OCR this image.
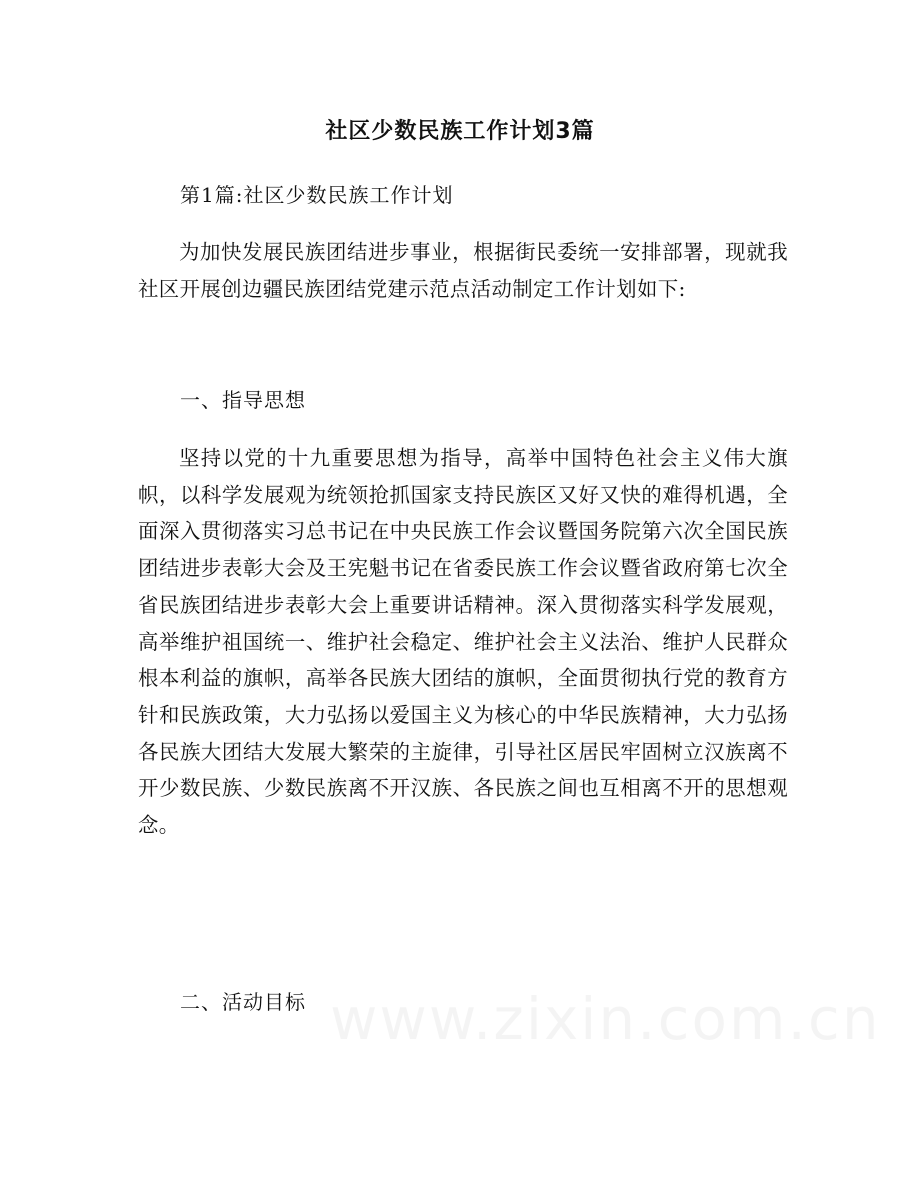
社区少数民族工作计划3篇

第1篇:社区少数民族工作计划

为加快发展民族团结进步事业，根据街民委统一安排部署，现就我社区开展创边疆民族团结党建示范点活动制定工作计划如下:

一、指导思想

坚持以党的十九重要思想为指导，高举中国特色社会主义伟大旗帜，以科学发展观为统领抢抓国家支持民族区又好又快的难得机遇，全面深入贯彻落实习总书记在中央民族工作会议暨国务院第六次全国民族团结进步表彰大会及王宪魁书记在省委民族工作会议暨省政府第七次全省民族团结进步表彰大会上重要讲话精神。深入贯彻落实科学发展观，高举维护祖国统一、维护社会稳定、维护社会主义法治、维护人民群众根本利益的旗帜，高举各民族大团结的旗帜，全面贯彻执行党的教育方针和民族政策，大力弘扬以爱国主义为核心的中华民族精神，大力弘扬各民族大团结大发展大繁荣的主旋律，引导社区居民牢固树立汉族离不开少数民族、少数民族离不开汉族、各民族之间也互相离不开的思想观念。

二、活动目标
